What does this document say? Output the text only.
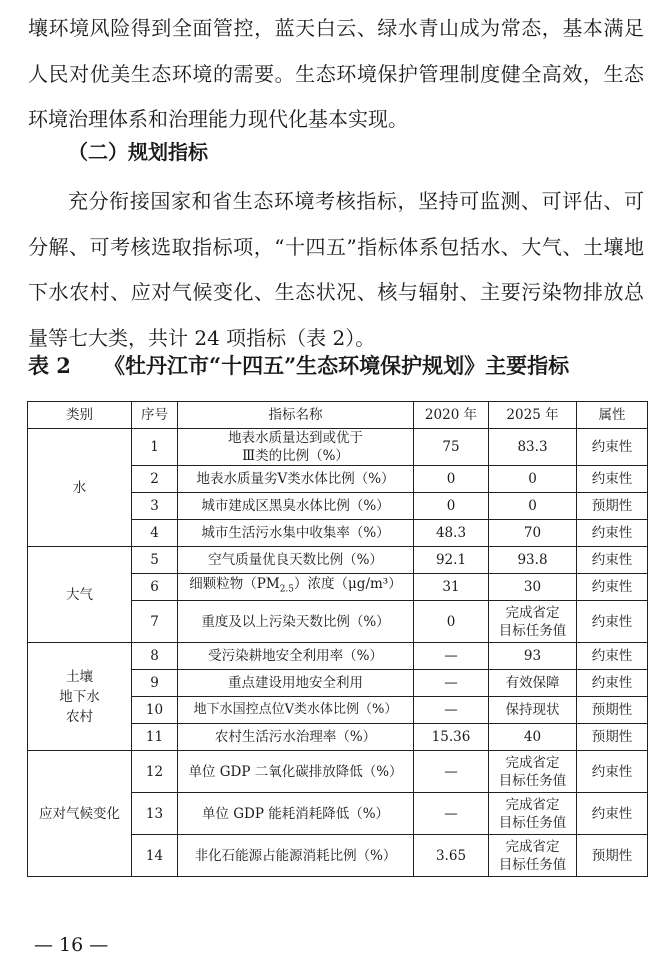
壤环境风险得到全面管控，蓝天白云、绿水青山成为常态，基本满足人民对优美生态环境的需要。生态环境保护管理制度健全高效，生态环境治理体系和治理能力现代化基本实现。

（二）规划指标

充分衔接国家和省生态环境考核指标，坚持可监测、可评估、可分解、可考核选取指标项，“十四五”指标体系包括水、大气、土壤地下水农村、应对气候变化、生态状况、核与辐射、主要污染物排放总量等七大类，共计 24 项指标（表 2）。

表 2 《牡丹江市“十四五”生态环境保护规划》主要指标

类别	序号	指标名称	2020 年	2025 年	属性
水	1	地表水质量达到或优于
Ⅲ类的比例（%）	75	83.3	约束性
	2	地表水质量劣Ⅴ类水体比例（%）	0	0	约束性
	3	城市建成区黑臭水体比例（%）	0	0	预期性
	4	城市生活污水集中收集率（%）	48.3	70	约束性
大气	5	空气质量优良天数比例（%）	92.1	93.8	约束性
	6	细颗粒物$(PM_{2.5})$浓度（μg/m³）	31	30	约束性
	7	重度及以上污染天数比例（%）	0	完成省定
目标任务值	约束性
土壤
地下水
农村	8	受污染耕地安全利用率（%）	—	93	约束性
	9	重点建设用地安全利用	—	有效保障	约束性
	10	地下水国控点位Ⅴ类水体比例（%）	—	保持现状	预期性
	11	农村生活污水治理率（%）	15.36	40	预期性
应对气候变化	12	单位 GDP 二氧化碳排放降低（%）	—	完成省定
目标任务值	约束性
	13	单位 GDP 能耗消耗降低（%）	—	完成省定
目标任务值	约束性
	14	非化石能源占能源消耗比例（%）	3.65	完成省定
目标任务值	预期性

— 16 —
